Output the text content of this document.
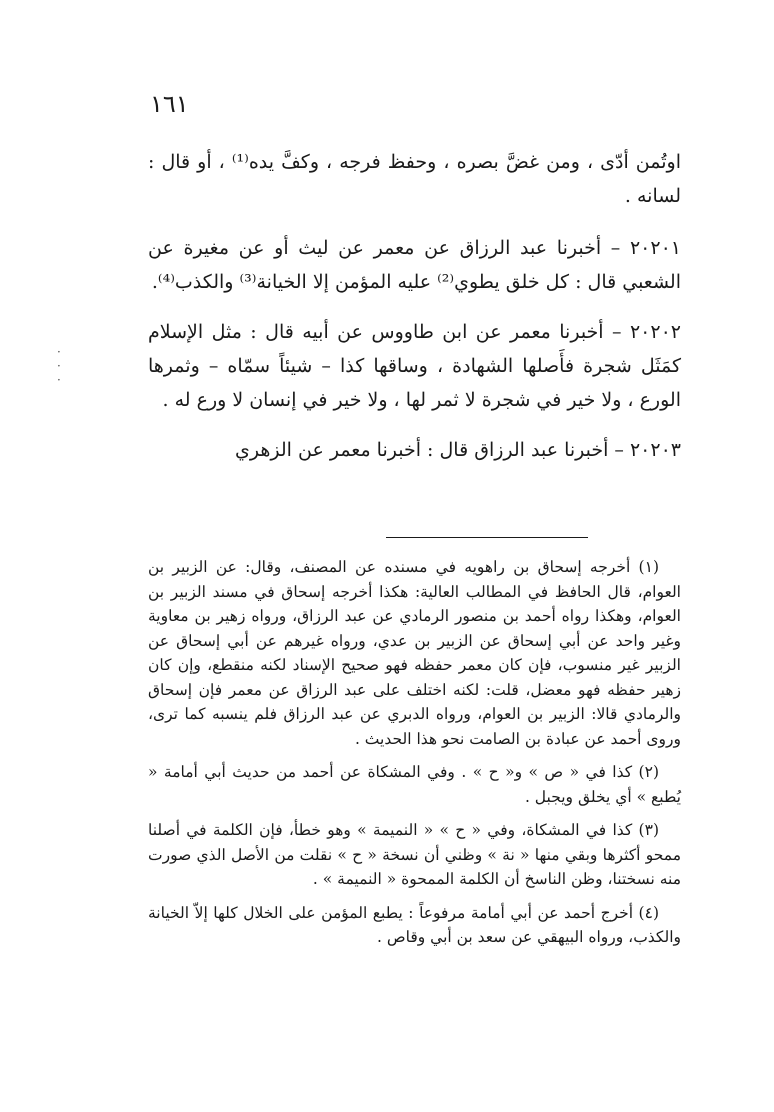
١٦١
· · ·

اوتُمن أدّى ، ومن غضَّ بصره ، وحفظ فرجه ، وكفَّ يده⁽¹⁾ ، أو قال : لسانه .

٢٠٢٠١ – أخبرنا عبد الرزاق عن معمر عن ليث أو عن مغيرة عن الشعبي قال : كل خلق يطوي⁽²⁾ عليه المؤمن إلا الخيانة⁽³⁾ والكذب⁽⁴⁾.

٢٠٢٠٢ – أخبرنا معمر عن ابن طاووس عن أبيه قال : مثل الإسلام كمَثَل شجرة فأَصلها الشهادة ، وساقها كذا – شيئاً سمّاه – وثمرها الورع ، ولا خير في شجرة لا ثمر لها ، ولا خير في إنسان لا ورع له .

٢٠٢٠٣ – أخبرنا عبد الرزاق قال : أخبرنا معمر عن الزهري

(١) أخرجه إسحاق بن راهويه في مسنده عن المصنف، وقال: عن الزبير بن العوام، قال الحافظ في المطالب العالية: هكذا أخرجه إسحاق في مسند الزبير بن العوام، وهكذا رواه أحمد بن منصور الرمادي عن عبد الرزاق، ورواه زهير بن معاوية وغير واحد عن أبي إسحاق عن الزبير بن عدي، ورواه غيرهم عن أبي إسحاق عن الزبير غير منسوب، فإن كان معمر حفظه فهو صحيح الإسناد لكنه منقطع، وإن كان زهير حفظه فهو معضل، قلت: لكنه اختلف على عبد الرزاق عن معمر فإن إسحاق والرمادي قالا: الزبير بن العوام، ورواه الدبري عن عبد الرزاق فلم ينسبه كما ترى، وروى أحمد عن عبادة بن الصامت نحو هذا الحديث .

(٢) كذا في « ص » و« ح » . وفي المشكاة عن أحمد من حديث أبي أمامة « يُطبع » أي يخلق ويجبل .

(٣) كذا في المشكاة، وفي « ح » « النميمة » وهو خطأ، فإن الكلمة في أصلنا ممحو أكثرها وبقي منها « نة » وظني أن نسخة « ح » نقلت من الأصل الذي صورت منه نسختنا، وظن الناسخ أن الكلمة الممحوة « النميمة » .

(٤) أخرج أحمد عن أبي أمامة مرفوعاً : يطبع المؤمن على الخلال كلها إلاّ الخيانة والكذب، ورواه البيهقي عن سعد بن أبي وقاص .
